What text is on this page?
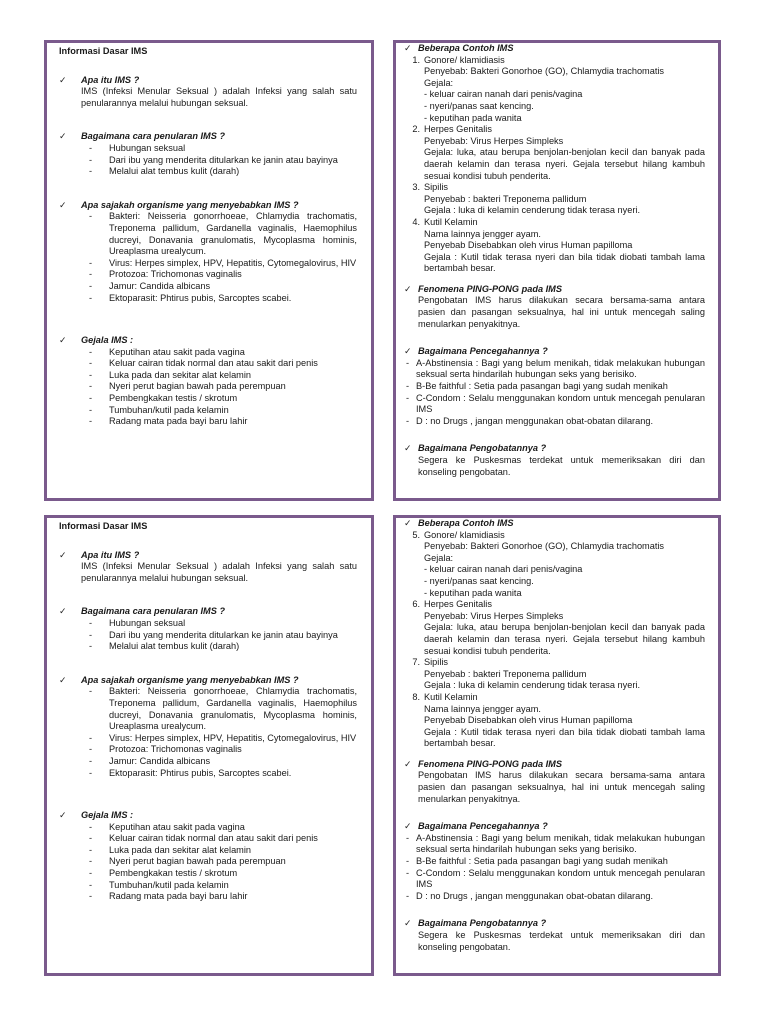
Informasi Dasar IMS
✓	Apa itu IMS ?
IMS (Infeksi Menular Seksual ) adalah Infeksi yang salah satu penularannya melalui hubungan seksual.
✓	Bagaimana cara penularan IMS ?
-	Hubungan seksual
-	Dari ibu yang menderita ditularkan ke janin atau bayinya
-	Melalui alat tembus kulit (darah)
✓	Apa sajakah organisme yang menyebabkan IMS ?
-	Bakteri: Neisseria gonorrhoeae, Chlamydia trachomatis, Treponema pallidum, Gardanella vaginalis, Haemophilus ducreyi, Donavania granulomatis, Mycoplasma hominis, Ureaplasma urealycum.
-	Virus: Herpes simplex, HPV, Hepatitis, Cytomegalovirus, HIV
-	Protozoa: Trichomonas vaginalis
-	Jamur: Candida albicans
-	Ektoparasit: Phtirus pubis, Sarcoptes scabei.
✓	Gejala IMS :
-	Keputihan atau sakit pada vagina
-	Keluar cairan tidak normal dan atau sakit dari penis
-	Luka pada dan sekitar alat kelamin
-	Nyeri perut bagian bawah pada perempuan
-	Pembengkakan testis / skrotum
-	Tumbuhan/kutil pada kelamin
-	Radang mata pada bayi baru lahir
✓ Beberapa Contoh IMS
1. Gonore/ klamidiasis
Penyebab: Bakteri Gonorhoe (GO), Chlamydia trachomatis
Gejala:
- keluar cairan nanah dari penis/vagina
- nyeri/panas saat kencing.
- keputihan pada wanita
2. Herpes Genitalis
Penyebab: Virus Herpes Simpleks
Gejala: luka, atau berupa benjolan-benjolan kecil dan banyak pada daerah kelamin dan terasa nyeri. Gejala tersebut hilang kambuh sesuai kondisi tubuh penderita.
3. Sipilis
Penyebab : bakteri Treponema pallidum
Gejala : luka di kelamin cenderung tidak terasa nyeri.
4. Kutil Kelamin
Nama lainnya jengger ayam.
Penyebab Disebabkan oleh virus Human papilloma
Gejala : Kutil tidak terasa nyeri dan bila tidak diobati tambah lama bertambah besar.
✓ Fenomena PING-PONG pada IMS
Pengobatan IMS harus dilakukan secara bersama-sama antara pasien dan pasangan seksualnya, hal ini untuk mencegah saling menularkan penyakitnya.
✓ Bagaimana Pencegahannya ?
- A-Abstinensia : Bagi yang belum menikah, tidak melakukan hubungan seksual serta hindarilah hubungan seks yang berisiko.
- B-Be faithful : Setia pada pasangan bagi yang sudah menikah
- C-Condom : Selalu menggunakan kondom untuk mencegah penularan IMS
- D : no Drugs , jangan menggunakan obat-obatan dilarang.
✓ Bagaimana Pengobatannya ?
Segera ke Puskesmas terdekat untuk memeriksakan diri dan konseling pengobatan.
Informasi Dasar IMS
✓	Apa itu IMS ?
IMS (Infeksi Menular Seksual ) adalah Infeksi yang salah satu penularannya melalui hubungan seksual.
✓	Bagaimana cara penularan IMS ?
-	Hubungan seksual
-	Dari ibu yang menderita ditularkan ke janin atau bayinya
-	Melalui alat tembus kulit (darah)
✓	Apa sajakah organisme yang menyebabkan IMS ?
-	Bakteri: Neisseria gonorrhoeae, Chlamydia trachomatis, Treponema pallidum, Gardanella vaginalis, Haemophilus ducreyi, Donavania granulomatis, Mycoplasma hominis, Ureaplasma urealycum.
-	Virus: Herpes simplex, HPV, Hepatitis, Cytomegalovirus, HIV
-	Protozoa: Trichomonas vaginalis
-	Jamur: Candida albicans
-	Ektoparasit: Phtirus pubis, Sarcoptes scabei.
✓	Gejala IMS :
-	Keputihan atau sakit pada vagina
-	Keluar cairan tidak normal dan atau sakit dari penis
-	Luka pada dan sekitar alat kelamin
-	Nyeri perut bagian bawah pada perempuan
-	Pembengkakan testis / skrotum
-	Tumbuhan/kutil pada kelamin
-	Radang mata pada bayi baru lahir
✓ Beberapa Contoh IMS
5. Gonore/ klamidiasis
Penyebab: Bakteri Gonorhoe (GO), Chlamydia trachomatis
Gejala:
- keluar cairan nanah dari penis/vagina
- nyeri/panas saat kencing.
- keputihan pada wanita
6. Herpes Genitalis
Penyebab: Virus Herpes Simpleks
Gejala: luka, atau berupa benjolan-benjolan kecil dan banyak pada daerah kelamin dan terasa nyeri. Gejala tersebut hilang kambuh sesuai kondisi tubuh penderita.
7. Sipilis
Penyebab : bakteri Treponema pallidum
Gejala : luka di kelamin cenderung tidak terasa nyeri.
8. Kutil Kelamin
Nama lainnya jengger ayam.
Penyebab Disebabkan oleh virus Human papilloma
Gejala : Kutil tidak terasa nyeri dan bila tidak diobati tambah lama bertambah besar.
✓ Fenomena PING-PONG pada IMS
Pengobatan IMS harus dilakukan secara bersama-sama antara pasien dan pasangan seksualnya, hal ini untuk mencegah saling menularkan penyakitnya.
✓ Bagaimana Pencegahannya ?
- A-Abstinensia : Bagi yang belum menikah, tidak melakukan hubungan seksual serta hindarilah hubungan seks yang berisiko.
- B-Be faithful : Setia pada pasangan bagi yang sudah menikah
- C-Condom : Selalu menggunakan kondom untuk mencegah penularan IMS
- D : no Drugs , jangan menggunakan obat-obatan dilarang.
✓ Bagaimana Pengobatannya ?
Segera ke Puskesmas terdekat untuk memeriksakan diri dan konseling pengobatan.
